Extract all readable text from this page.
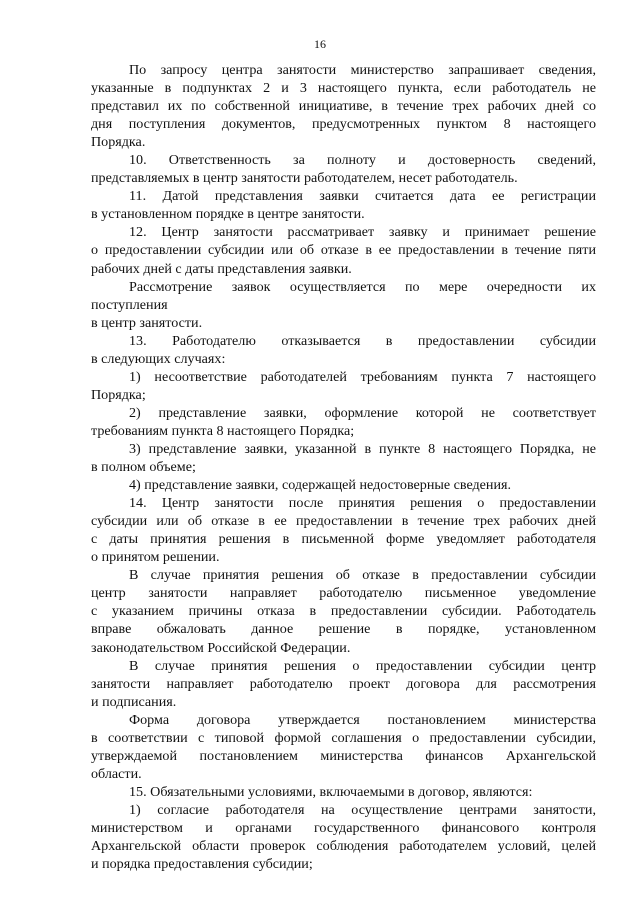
16
По запросу центра занятости министерство запрашивает сведения,
указанные в подпунктах 2 и 3 настоящего пункта, если работодатель не
представил их по собственной инициативе, в течение трех рабочих дней со
дня поступления документов, предусмотренных пунктом 8 настоящего
Порядка.
10. Ответственность за полноту и достоверность сведений,
представляемых в центр занятости работодателем, несет работодатель.
11. Датой представления заявки считается дата ее регистрации
в установленном порядке в центре занятости.
12. Центр занятости рассматривает заявку и принимает решение
о предоставлении субсидии или об отказе в ее предоставлении в течение пяти
рабочих дней с даты представления заявки.
Рассмотрение заявок осуществляется по мере очередности их
поступления
в центр занятости.
13. Работодателю отказывается в предоставлении субсидии
в следующих случаях:
1) несоответствие работодателей требованиям пункта 7 настоящего
Порядка;
2) представление заявки, оформление которой не соответствует
требованиям пункта 8 настоящего Порядка;
3) представление заявки, указанной в пункте 8 настоящего Порядка, не
в полном объеме;
4) представление заявки, содержащей недостоверные сведения.
14. Центр занятости после принятия решения о предоставлении
субсидии или об отказе в ее предоставлении в течение трех рабочих дней
с даты принятия решения в письменной форме уведомляет работодателя
о принятом решении.
В случае принятия решения об отказе в предоставлении субсидии
центр занятости направляет работодателю письменное уведомление
с указанием причины отказа в предоставлении субсидии. Работодатель
вправе обжаловать данное решение в порядке, установленном
законодательством Российской Федерации.
В случае принятия решения о предоставлении субсидии центр
занятости направляет работодателю проект договора для рассмотрения
и подписания.
Форма договора утверждается постановлением министерства
в соответствии с типовой формой соглашения о предоставлении субсидии,
утверждаемой постановлением министерства финансов Архангельской
области.
15. Обязательными условиями, включаемыми в договор, являются:
1) согласие работодателя на осуществление центрами занятости,
министерством и органами государственного финансового контроля
Архангельской области проверок соблюдения работодателем условий, целей
и порядка предоставления субсидии;
